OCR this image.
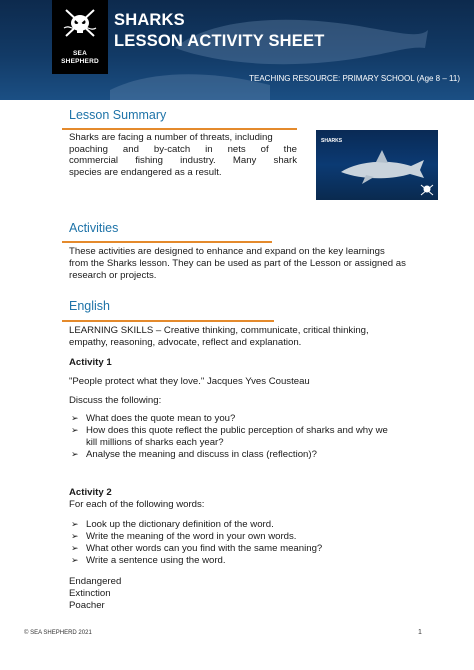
SEA
SHEPHERD
SHARKS
LESSON ACTIVITY SHEET
TEACHING RESOURCE: PRIMARY SCHOOL (Age 8 – 11)
Lesson Summary
Sharks are facing a number of threats, including
poaching and by-catch in nets of the
commercial fishing industry. Many shark
species are endangered as a result.
SHARKS
Activities
These activities are designed to enhance and expand on the key learnings
from the Sharks lesson. They can be used as part of the Lesson or assigned as
research or projects.
English
LEARNING SKILLS – Creative thinking, communicate, critical thinking,
empathy, reasoning, advocate, reflect and explanation.
Activity 1
"People protect what they love." Jacques Yves Cousteau
Discuss the following:
➢ What does the quote mean to you?
➢ How does this quote reflect the public perception of sharks and why we
kill millions of sharks each year?
➢ Analyse the meaning and discuss in class (reflection)?
Activity 2
For each of the following words:
➢ Look up the dictionary definition of the word.
➢ Write the meaning of the word in your own words.
➢ What other words can you find with the same meaning?
➢ Write a sentence using the word.
Endangered
Extinction
Poacher
© SEA SHEPHERD 2021	1
